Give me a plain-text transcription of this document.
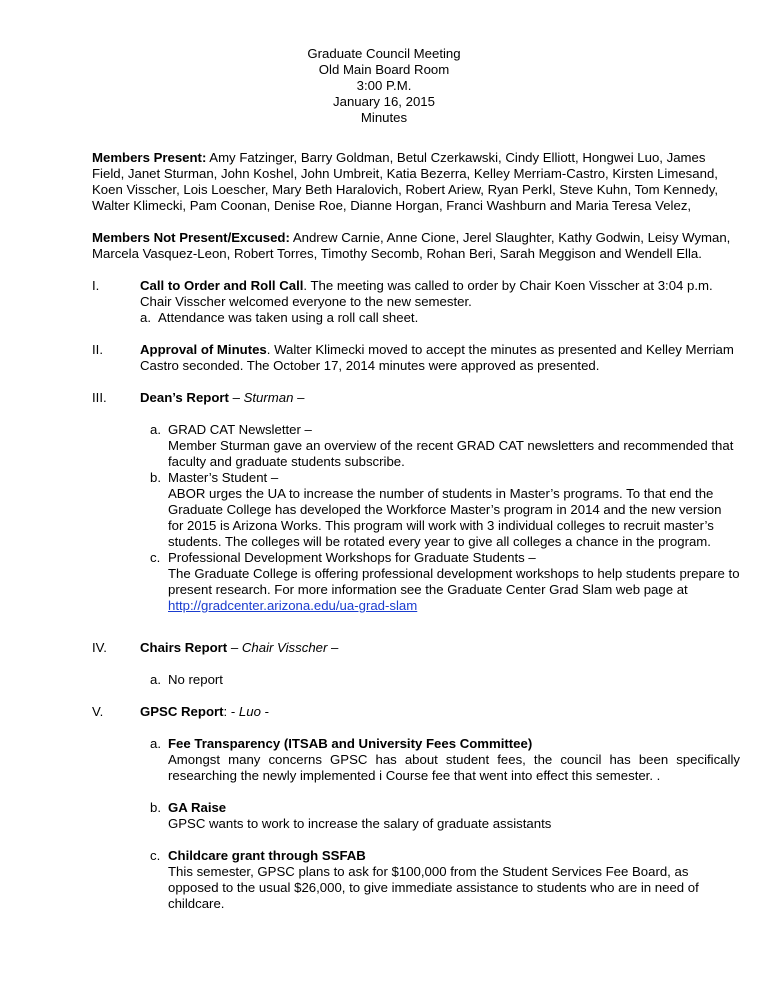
Graduate Council Meeting
Old Main Board Room
3:00 P.M.
January 16, 2015
Minutes
Members Present: Amy Fatzinger, Barry Goldman, Betul Czerkawski, Cindy Elliott, Hongwei Luo, James Field, Janet Sturman, John Koshel, John Umbreit, Katia Bezerra, Kelley Merriam-Castro, Kirsten Limesand, Koen Visscher, Lois Loescher, Mary Beth Haralovich, Robert Ariew, Ryan Perkl, Steve Kuhn, Tom Kennedy, Walter Klimecki, Pam Coonan, Denise Roe, Dianne Horgan, Franci Washburn and Maria Teresa Velez,
Members Not Present/Excused: Andrew Carnie, Anne Cione, Jerel Slaughter, Kathy Godwin, Leisy Wyman, Marcela Vasquez-Leon, Robert Torres, Timothy Secomb, Rohan Beri, Sarah Meggison and Wendell Ella.
I.	Call to Order and Roll Call. The meeting was called to order by Chair Koen Visscher at 3:04 p.m. Chair Visscher welcomed everyone to the new semester.
a. Attendance was taken using a roll call sheet.
II.	Approval of Minutes. Walter Klimecki moved to accept the minutes as presented and Kelley Merriam Castro seconded. The October 17, 2014 minutes were approved as presented.
III.	Dean’s Report – Sturman –
a. GRAD CAT Newsletter –
Member Sturman gave an overview of the recent GRAD CAT newsletters and recommended that faculty and graduate students subscribe.
b. Master’s Student –
ABOR urges the UA to increase the number of students in Master’s programs. To that end the Graduate College has developed the Workforce Master’s program in 2014 and the new version for 2015 is Arizona Works. This program will work with 3 individual colleges to recruit master’s students. The colleges will be rotated every year to give all colleges a chance in the program.
c. Professional Development Workshops for Graduate Students –
The Graduate College is offering professional development workshops to help students prepare to present research. For more information see the Graduate Center Grad Slam web page at http://gradcenter.arizona.edu/ua-grad-slam
IV.	Chairs Report – Chair Visscher –
a. No report
V.	GPSC Report: - Luo -
a. Fee Transparency (ITSAB and University Fees Committee)
Amongst many concerns GPSC has about student fees, the council has been specifically researching the newly implemented i Course fee that went into effect this semester. .
b. GA Raise
GPSC wants to work to increase the salary of graduate assistants
c. Childcare grant through SSFAB
This semester, GPSC plans to ask for $100,000 from the Student Services Fee Board, as opposed to the usual $26,000, to give immediate assistance to students who are in need of childcare.
